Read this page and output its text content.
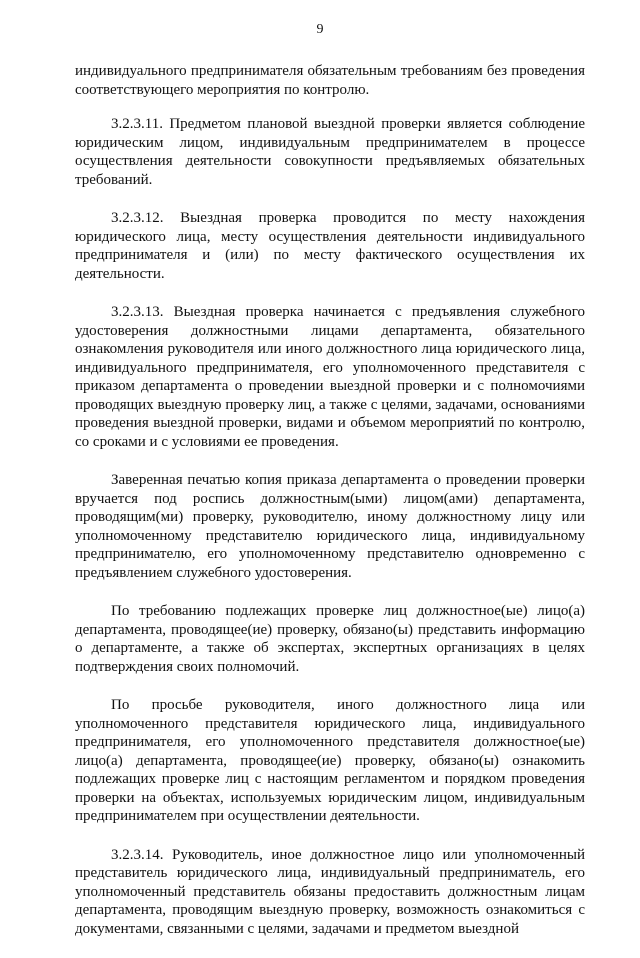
9

индивидуального предпринимателя обязательным требованиям без проведения соответствующего мероприятия по контролю.

3.2.3.11. Предметом плановой выездной проверки является соблюдение юридическим лицом, индивидуальным предпринимателем в процессе осуществления деятельности совокупности предъявляемых обязательных требований.

3.2.3.12. Выездная проверка проводится по месту нахождения юридического лица, месту осуществления деятельности индивидуального предпринимателя и (или) по месту фактического осуществления их деятельности.

3.2.3.13. Выездная проверка начинается с предъявления служебного удостоверения должностными лицами департамента, обязательного ознакомления руководителя или иного должностного лица юридического лица, индивидуального предпринимателя, его уполномоченного представителя с приказом департамента о проведении выездной проверки и с полномочиями проводящих выездную проверку лиц, а также с целями, задачами, основаниями проведения выездной проверки, видами и объемом мероприятий по контролю, со сроками и с условиями ее проведения.

Заверенная печатью копия приказа департамента о проведении проверки вручается под роспись должностным(ыми) лицом(ами) департамента, проводящим(ми) проверку, руководителю, иному должностному лицу или уполномоченному представителю юридического лица, индивидуальному предпринимателю, его уполномоченному представителю одновременно с предъявлением служебного удостоверения.

По требованию подлежащих проверке лиц должностное(ые) лицо(а) департамента, проводящее(ие) проверку, обязано(ы) представить информацию о департаменте, а также об экспертах, экспертных организациях в целях подтверждения своих полномочий.

По просьбе руководителя, иного должностного лица или уполномоченного представителя юридического лица, индивидуального предпринимателя, его уполномоченного представителя должностное(ые) лицо(а) департамента, проводящее(ие) проверку, обязано(ы) ознакомить подлежащих проверке лиц с настоящим регламентом и порядком проведения проверки на объектах, используемых юридическим лицом, индивидуальным предпринимателем при осуществлении деятельности.

3.2.3.14. Руководитель, иное должностное лицо или уполномоченный представитель юридического лица, индивидуальный предприниматель, его уполномоченный представитель обязаны предоставить должностным лицам департамента, проводящим выездную проверку, возможность ознакомиться с документами, связанными с целями, задачами и предметом выездной
